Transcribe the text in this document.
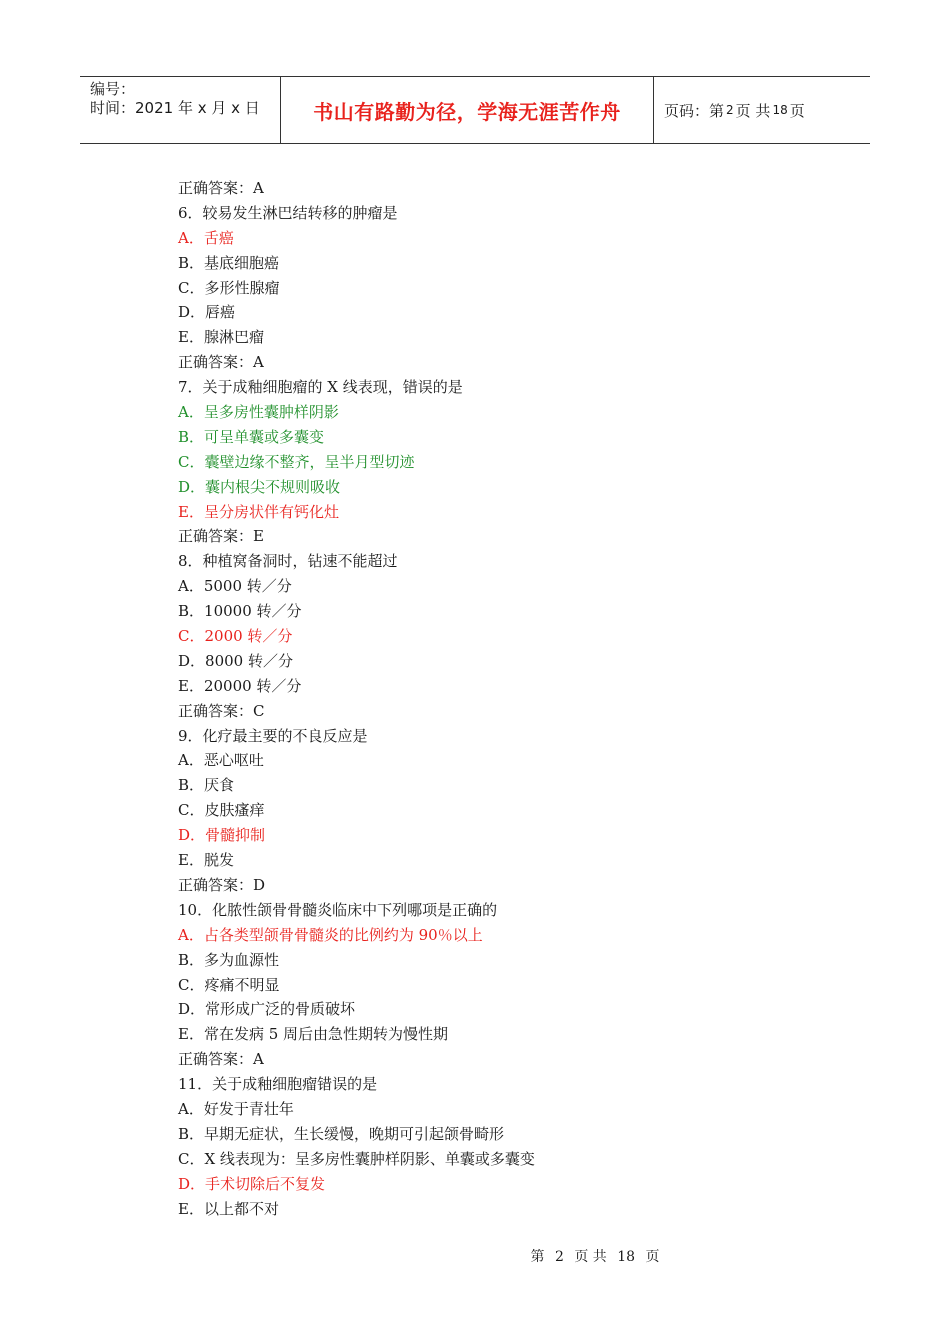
编号：
时间：2021 年 x 月 x 日	书山有路勤为径，学海无涯苦作舟	页码：第 2 页 共 18 页
正确答案：A
6．较易发生淋巴结转移的肿瘤是
A．舌癌
B．基底细胞癌
C．多形性腺瘤
D．唇癌
E．腺淋巴瘤
正确答案：A
7．关于成釉细胞瘤的 X 线表现，错误的是
A．呈多房性囊肿样阴影
B．可呈单囊或多囊变
C．囊壁边缘不整齐，呈半月型切迹
D．囊内根尖不规则吸收
E．呈分房状伴有钙化灶
正确答案：E
8．种植窝备洞时，钻速不能超过
A．5000 转／分
B．10000 转／分
C．2000 转／分
D．8000 转／分
E．20000 转／分
正确答案：C
9．化疗最主要的不良反应是
A．恶心呕吐
B．厌食
C．皮肤瘙痒
D．骨髓抑制
E．脱发
正确答案：D
10．化脓性颌骨骨髓炎临床中下列哪项是正确的
A．占各类型颌骨骨髓炎的比例约为 90％以上
B．多为血源性
C．疼痛不明显
D．常形成广泛的骨质破坏
E．常在发病 5 周后由急性期转为慢性期
正确答案：A
11．关于成釉细胞瘤错误的是
A．好发于青壮年
B．早期无症状，生长缓慢，晚期可引起颌骨畸形
C．X 线表现为：呈多房性囊肿样阴影、单囊或多囊变
D．手术切除后不复发
E．以上都不对
第 2 页 共 18 页
